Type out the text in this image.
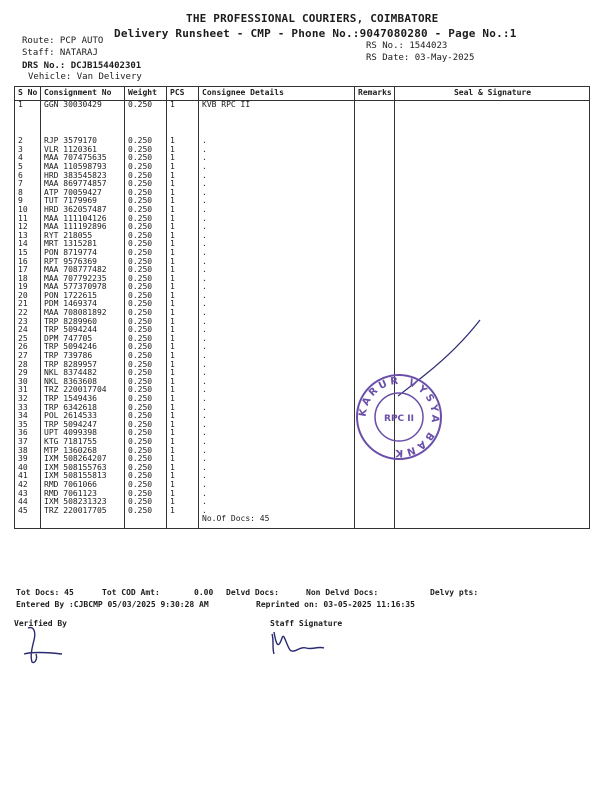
THE PROFESSIONAL COURIERS, COIMBATORE
Delivery Runsheet - CMP - Phone No.:9047080280 - Page No.:1
Route: PCP AUTO
Staff: NATARAJ
DRS No.: DCJB154402301
Vehicle: Van Delivery
RS No.: 1544023
RS Date: 03-May-2025
S No	Consignment No	Weight	PCS	Consignee Details	Remarks	Seal & Signature
1	GGN 30030429	0.250	1	KVB RPC II		

2	RJP 3579170	0.250	1	.		
3	VLR 1120361	0.250	1	.		
4	MAA 707475635	0.250	1	.		
5	MAA 110598793	0.250	1	.		
6	HRD 383545823	0.250	1	.		
7	MAA 869774857	0.250	1	.		
8	ATP 70059427	0.250	1	.		
9	TUT 7179969	0.250	1	.		
10	HRD 362057487	0.250	1	.		
11	MAA 111104126	0.250	1	.		
12	MAA 111192896	0.250	1	.		
13	RYT 218055	0.250	1	.		
14	MRT 1315281	0.250	1	.		
15	PON 8719774	0.250	1	.		
16	RPT 9576369	0.250	1	.		
17	MAA 708777482	0.250	1	.		
18	MAA 707792235	0.250	1	.		
19	MAA 577370978	0.250	1	.		
20	PON 1722615	0.250	1	.		
21	PDM 1469374	0.250	1	.		
22	MAA 708081892	0.250	1	.		
23	TRP 8289960	0.250	1	.		
24	TRP 5094244	0.250	1	.		
25	DPM 747705	0.250	1	.		
26	TRP 5094246	0.250	1	.		
27	TRP 739786	0.250	1	.		
28	TRP 8289957	0.250	1	.		
29	NKL 8374482	0.250	1	.		
30	NKL 8363608	0.250	1	.		
31	TRZ 220017704	0.250	1	.		
32	TRP 1549436	0.250	1	.		
33	TRP 6342618	0.250	1	.		
34	POL 2614533	0.250	1	.		
35	TRP 5094247	0.250	1	.		
36	UPT 4099398	0.250	1	.		
37	KTG 7181755	0.250	1	.		
38	MTP 1360268	0.250	1	.		
39	IXM 508264207	0.250	1	.		
40	IXM 508155763	0.250	1	.		
41	IXM 508155813	0.250	1	.		
42	RMD 7061066	0.250	1	.		
43	RMD 7061123	0.250	1	.		
44	IXM 508231323	0.250	1	.		
45	TRZ 220017705	0.250	1	.		
				No.Of Docs: 45		
Tot Docs: 45	Tot COD Amt:	0.00 Delvd Docs:	Non Delvd Docs:	Delvy pts:
Entered By :CJBCMP 05/03/2025 9:30:28 AM	Reprinted on: 03-05-2025 11:16:35
Verified By	Staff Signature
KARUR VYSYA BANK
RPC II
